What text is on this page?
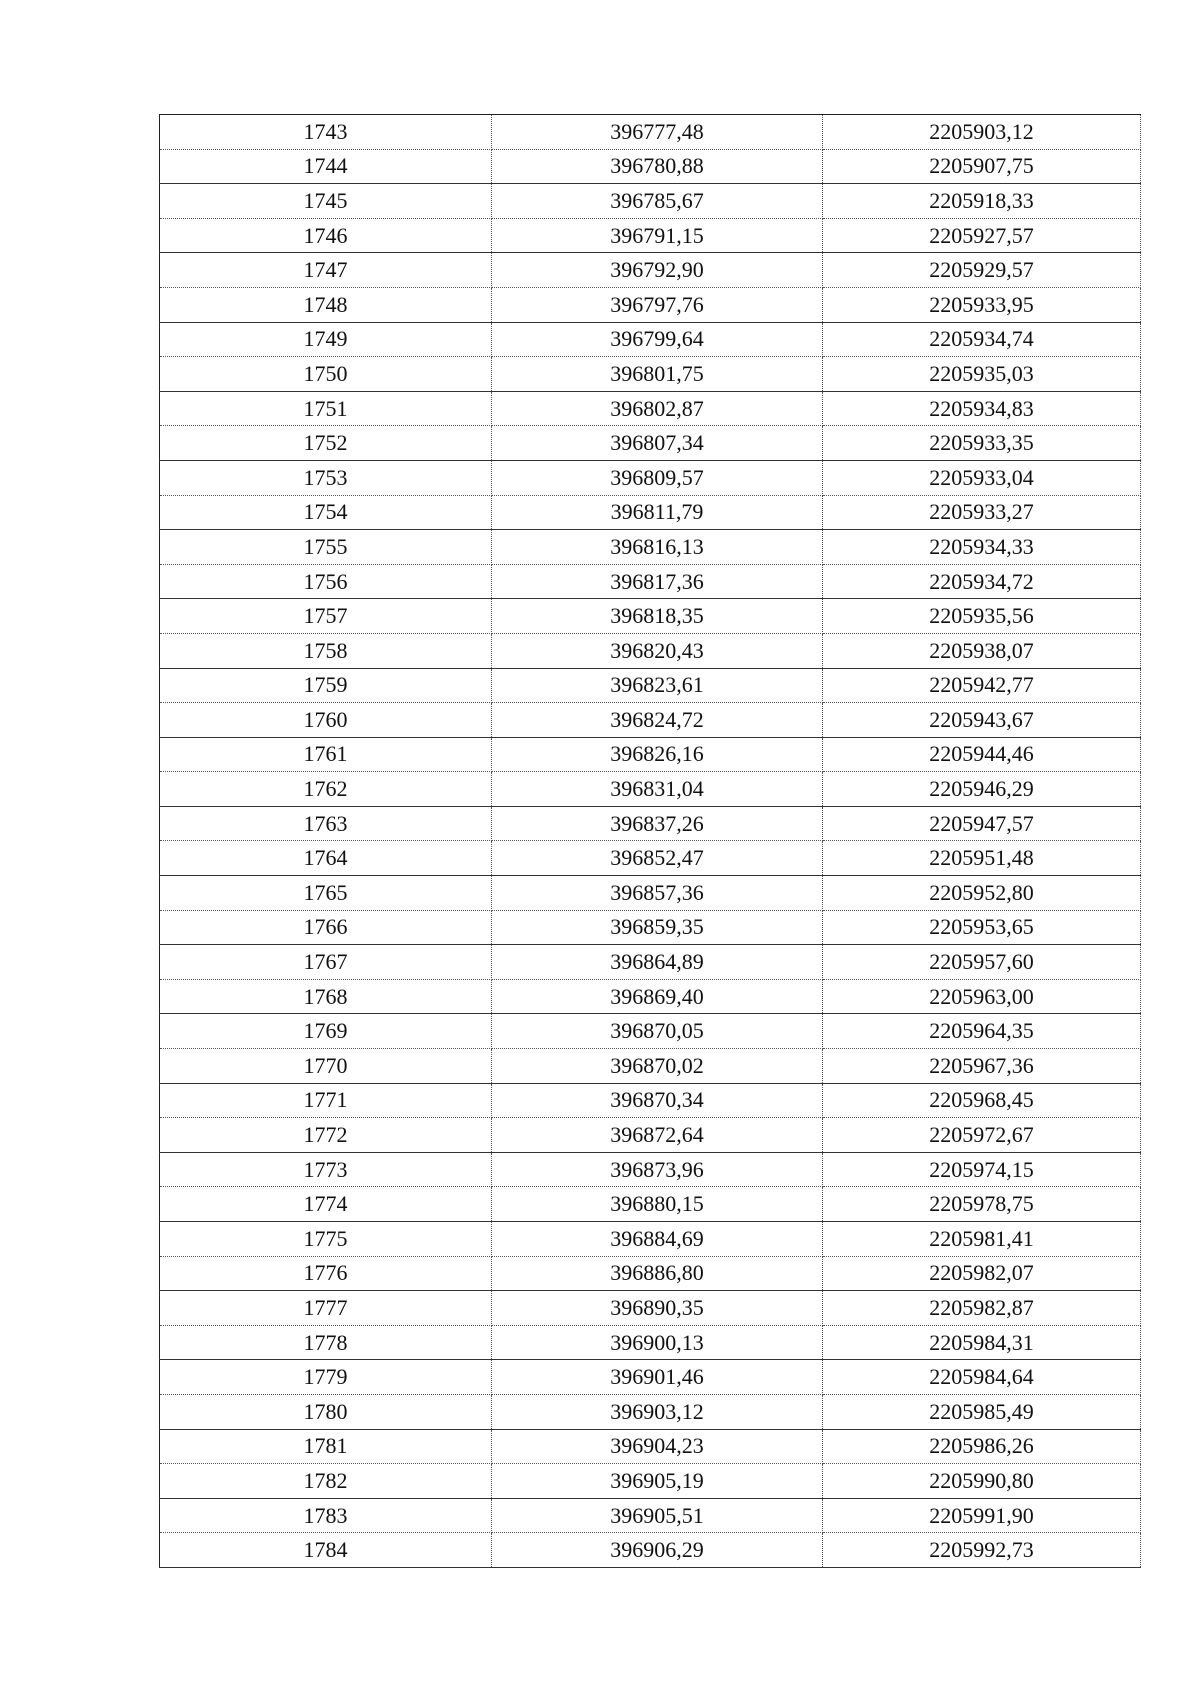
1743	396777,48	2205903,12
1744	396780,88	2205907,75
1745	396785,67	2205918,33
1746	396791,15	2205927,57
1747	396792,90	2205929,57
1748	396797,76	2205933,95
1749	396799,64	2205934,74
1750	396801,75	2205935,03
1751	396802,87	2205934,83
1752	396807,34	2205933,35
1753	396809,57	2205933,04
1754	396811,79	2205933,27
1755	396816,13	2205934,33
1756	396817,36	2205934,72
1757	396818,35	2205935,56
1758	396820,43	2205938,07
1759	396823,61	2205942,77
1760	396824,72	2205943,67
1761	396826,16	2205944,46
1762	396831,04	2205946,29
1763	396837,26	2205947,57
1764	396852,47	2205951,48
1765	396857,36	2205952,80
1766	396859,35	2205953,65
1767	396864,89	2205957,60
1768	396869,40	2205963,00
1769	396870,05	2205964,35
1770	396870,02	2205967,36
1771	396870,34	2205968,45
1772	396872,64	2205972,67
1773	396873,96	2205974,15
1774	396880,15	2205978,75
1775	396884,69	2205981,41
1776	396886,80	2205982,07
1777	396890,35	2205982,87
1778	396900,13	2205984,31
1779	396901,46	2205984,64
1780	396903,12	2205985,49
1781	396904,23	2205986,26
1782	396905,19	2205990,80
1783	396905,51	2205991,90
1784	396906,29	2205992,73
